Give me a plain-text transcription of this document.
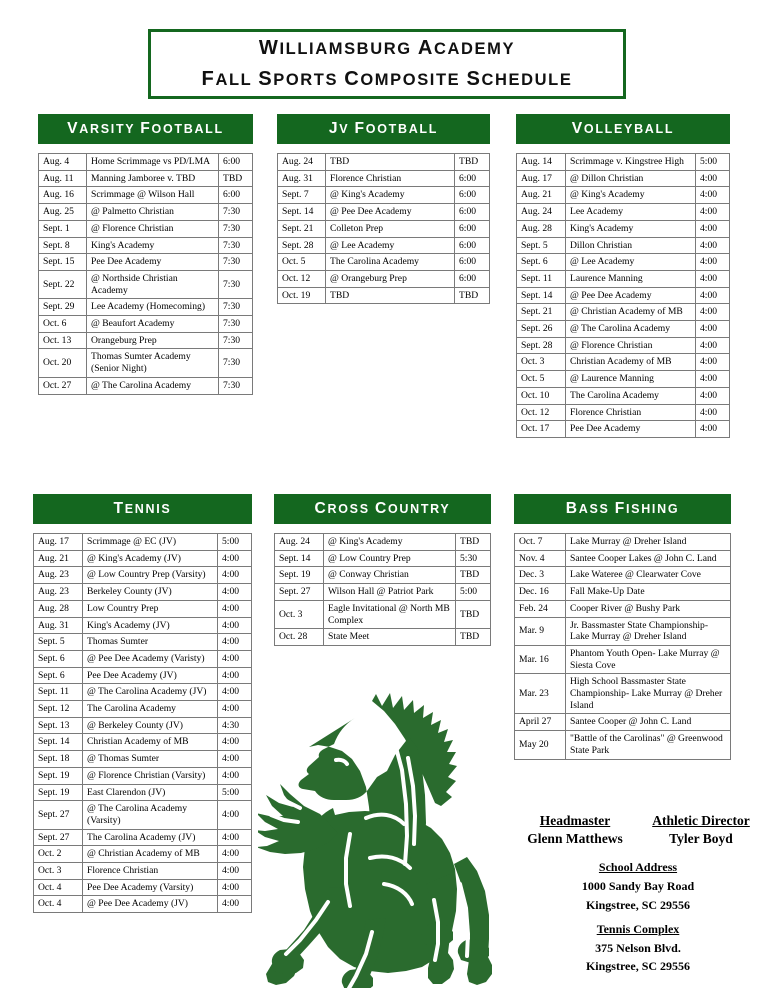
WILLIAMSBURG ACADEMY
FALL SPORTS COMPOSITE SCHEDULE
VARSITY FOOTBALL
Aug. 4	Home Scrimmage vs PD/LMA	6:00
Aug. 11	Manning Jamboree v. TBD	TBD
Aug. 16	Scrimmage @ Wilson Hall	6:00
Aug. 25	@ Palmetto Christian	7:30
Sept. 1	@ Florence Christian	7:30
Sept. 8	King's Academy	7:30
Sept. 15	Pee Dee Academy	7:30
Sept. 22	@ Northside Christian Academy	7:30
Sept. 29	Lee Academy (Homecoming)	7:30
Oct. 6	@ Beaufort Academy	7:30
Oct. 13	Orangeburg Prep	7:30
Oct. 20	Thomas Sumter Academy (Senior Night)	7:30
Oct. 27	@ The Carolina Academy	7:30
JV FOOTBALL
Aug. 24	TBD	TBD
Aug. 31	Florence Christian	6:00
Sept. 7	@ King's Academy	6:00
Sept. 14	@ Pee Dee Academy	6:00
Sept. 21	Colleton Prep	6:00
Sept. 28	@ Lee Academy	6:00
Oct. 5	The Carolina Academy	6:00
Oct. 12	@ Orangeburg Prep	6:00
Oct. 19	TBD	TBD
VOLLEYBALL
Aug. 14	Scrimmage v. Kingstree High	5:00
Aug. 17	@ Dillon Christian	4:00
Aug. 21	@ King's Academy	4:00
Aug. 24	Lee Academy	4:00
Aug. 28	King's Academy	4:00
Sept. 5	Dillon Christian	4:00
Sept. 6	@ Lee Academy	4:00
Sept. 11	Laurence Manning	4:00
Sept. 14	@ Pee Dee Academy	4:00
Sept. 21	@ Christian Academy of MB	4:00
Sept. 26	@ The Carolina Academy	4:00
Sept. 28	@ Florence Christian	4:00
Oct. 3	Christian Academy of MB	4:00
Oct. 5	@ Laurence Manning	4:00
Oct. 10	The Carolina Academy	4:00
Oct. 12	Florence Christian	4:00
Oct. 17	Pee Dee Academy	4:00
TENNIS
Aug. 17	Scrimmage @ EC (JV)	5:00
Aug. 21	@ King's Academy (JV)	4:00
Aug. 23	@ Low Country Prep (Varsity)	4:00
Aug. 23	Berkeley County (JV)	4:00
Aug. 28	Low Country Prep	4:00
Aug. 31	King's Academy (JV)	4:00
Sept. 5	Thomas Sumter	4:00
Sept. 6	@ Pee Dee Academy (Varisty)	4:00
Sept. 6	Pee Dee Academy (JV)	4:00
Sept. 11	@ The Carolina Academy (JV)	4:00
Sept. 12	The Carolina Academy	4:00
Sept. 13	@ Berkeley County (JV)	4:30
Sept. 14	Christian Academy of MB	4:00
Sept. 18	@ Thomas Sumter	4:00
Sept. 19	@ Florence Christian (Varsity)	4:00
Sept. 19	East Clarendon (JV)	5:00
Sept. 27	@ The Carolina Academy (Varsity)	4:00
Sept. 27	The Carolina Academy (JV)	4:00
Oct. 2	@ Christian Academy of MB	4:00
Oct. 3	Florence Christian	4:00
Oct. 4	Pee Dee Academy (Varsity)	4:00
Oct. 4	@ Pee Dee Academy (JV)	4:00
CROSS COUNTRY
Aug. 24	@ King's Academy	TBD
Sept. 14	@ Low Country Prep	5:30
Sept. 19	@ Conway Christian	TBD
Sept. 27	Wilson Hall @ Patriot Park	5:00
Oct. 3	Eagle Invitational @ North MB Complex	TBD
Oct. 28	State Meet	TBD
BASS FISHING
Oct. 7	Lake Murray @ Dreher Island
Nov. 4	Santee Cooper Lakes @ John C. Land
Dec. 3	Lake Wateree @ Clearwater Cove
Dec. 16	Fall Make-Up Date
Feb. 24	Cooper River @ Bushy Park
Mar. 9	Jr. Bassmaster State Championship- Lake Murray @ Dreher Island
Mar. 16	Phantom Youth Open- Lake Murray @ Siesta Cove
Mar. 23	High School Bassmaster State Championship- Lake Murray @ Dreher Island
April 27	Santee Cooper @ John C. Land
May 20	"Battle of the Carolinas" @ Greenwood State Park
Headmaster
Glenn Matthews
Athletic Director
Tyler Boyd
School Address
1000 Sandy Bay Road
Kingstree, SC 29556
Tennis Complex
375 Nelson Blvd.
Kingstree, SC 29556
